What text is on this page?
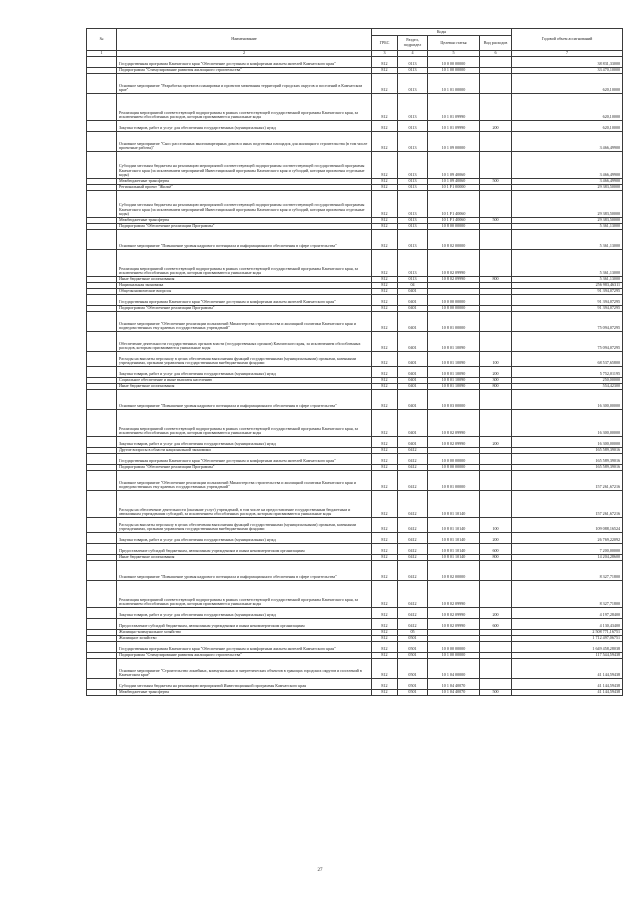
№	Наименование	Коды				Годовой объем ассигнований
		ГРБС	Раздел, подраздел	Целевая статья	Вид расходов	
1	2	3	4	5	6	7
	Государственная программа Камчатского края "Обеспечение доступным и комфортным жильем жителей Камчатского края"	812	0113	10 0 00 00000		38 831,33000
	Подпрограмма "Стимулирование развития жилищного строительства"	812	0113	10 1 00 00000		33 470,10000
	Основное мероприятие "Разработка проектов планировки и проектов межевания территорий городских округов и поселений в Камчатском крае"	812	0113	10 1 01 00000		620,10000
	Реализация мероприятий соответствующей подпрограммы в рамках соответствующей государственной программы Камчатского края, за исключением обособленных расходов, которым присваиваются уникальные коды	812	0113	10 1 01 09990		620,10000
	Закупка товаров, работ и услуг для обеспечения государственных (муниципальных) нужд	812	0113	10 1 01 09990	200	620,10000
	Основное мероприятие "Снос расселенных многоквартирных домов и иных подготовка площадок для жилищного строительства (в том числе проектные работы)"	812	0113	10 1 09 00000		3 466,49900
	Субсидии местным бюджетам на реализацию мероприятий соответствующей подпрограммы соответствующей государственной программы Камчатского края (за исключением мероприятий Инвестиционной программы Камчатского края и субсидий, которым присвоены отдельные коды)	812	0113	10 1 09 40060		3 466,49900
	Межбюджетные трансферты	812	0113	10 1 09 40060	500	3 466,49900
	Региональный проект "Жильё"	812	0113	10 1 F1 00000		29 383,50000
	Субсидии местным бюджетам на реализацию мероприятий соответствующей подпрограммы соответствующей государственной программы Камчатского края (за исключением мероприятий Инвестиционной программы Камчатского края и субсидий, которым присвоены отдельные коды)	812	0113	10 1 F1 40060		29 383,50000
	Межбюджетные трансферты	812	0113	10 1 F1 40060	500	29 383,50000
	Подпрограмма "Обеспечение реализации Программы"	812	0113	10 8 00 00000		5 361,13000
	Основное мероприятие "Повышение уровня кадрового потенциала и информационного обеспечения в сфере строительства"	812	0113	10 8 02 00000		5 361,13000
	Реализация мероприятий соответствующей подпрограммы в рамках соответствующей государственной программы Камчатского края, за исключением обособленных расходов, которым присваиваются уникальные коды	812	0113	10 8 02 09990		5 361,13000
	Иные бюджетные ассигнования	812	0113	10 8 02 09990	800	5 361,13000
	Национальная экономика	812	04			256 983,46311
	Общеэкономические вопросы	812	0401			91 394,07295
	Государственная программа Камчатского края "Обеспечение доступным и комфортным жильем жителей Камчатского края"	812	0401	10 0 00 00000		91 394,07295
	Подпрограмма "Обеспечение реализации Программы"	812	0401	10 8 00 00000		91 394,07295
	Основное мероприятие "Обеспечение реализации полномочий Министерства строительства и жилищной политики Камчатского края и подведомственных ему краевых государственных учреждений"	812	0401	10 8 01 00000		75 094,07295
	Обеспечение деятельности государственных органов власти (государственных органов) Камчатского края, за исключением обособленных расходов, которым присваиваются уникальные коды	812	0401	10 8 01 10090		75 094,07295
	Расходы на выплаты персоналу в целях обеспечения выполнения функций государственными (муниципальными) органами, казенными учреждениями, органами управления государственными внебюджетными фондами	812	0401	10 8 01 10090	100	68 537,65800
	Закупка товаров, работ и услуг для обеспечения государственных (муниципальных) нужд	812	0401	10 8 01 10090	200	5 752,01195
	Социальное обеспечение и иные выплаты населению	812	0401	10 8 01 10090	300	250,00000
	Иные бюджетные ассигнования	812	0401	10 8 01 10090	800	554,42300
	Основное мероприятие "Повышение уровня кадрового потенциала и информационного обеспечения в сфере строительства"	812	0401	10 8 03 00000		16 300,00000
	Реализация мероприятий соответствующей подпрограммы в рамках соответствующей государственной программы Камчатского края, за исключением обособленных расходов, которым присваиваются уникальные коды	812	0401	10 8 02 09990		16 300,00000
	Закупка товаров, работ и услуг для обеспечения государственных (муниципальных) нужд	812	0401	10 8 02 09990	200	16 300,00000
	Другие вопросы в области национальной экономики	812	0412			165 589,39016
	Государственная программа Камчатского края "Обеспечение доступным и комфортным жильем жителей Камчатского края"	812	0412	10 0 00 00000		165 589,39016
	Подпрограмма "Обеспечение реализации Программы"	812	0412	10 8 00 00000		165 589,39016
	Основное мероприятие "Обеспечение реализации полномочий Министерства строительства и жилищной политики Камчатского края и подведомственных ему краевых государственных учреждений"	812	0412	10 8 01 00000		157 261,67216
	Расходы на обеспечение деятельности (оказание услуг) учреждений, в том числе на предоставление государственным бюджетным и автономным учреждениям субсидий, за исключением обособленных расходов, которым присваиваются уникальные коды	812	0412	10 8 01 10140		157 261,67216
	Расходы на выплаты персоналу в целях обеспечения выполнения функций государственными (муниципальными) органами, казенными учреждениями, органами управления государственными внебюджетными фондами	812	0412	10 8 01 10140	100	109 088,16524
	Закупка товаров, работ и услуг для обеспечения государственных (муниципальных) нужд	812	0412	10 8 01 10140	200	26 769,22092
	Предоставление субсидий бюджетным, автономным учреждениям и иным некоммерческим организациям	812	0412	10 8 01 10140	600	7 200,00000
	Иные бюджетные ассигнования	812	0412	10 8 01 10140	800	14 204,28600
	Основное мероприятие "Повышение уровня кадрового потенциала и информационного обеспечения в сфере строительства"	812	0412	10 8 02 00000		8 327,71800
	Реализация мероприятий соответствующей подпрограммы в рамках соответствующей государственной программы Камчатского края, за исключением обособленных расходов, которым присваиваются уникальные коды	812	0412	10 8 02 09990		8 327,71800
	Закупка товаров, работ и услуг для обеспечения государственных (муниципальных) нужд	812	0412	10 8 02 09990	200	4 197,28400
	Предоставление субсидий бюджетным, автономным учреждениям и иным некоммерческим организациям	812	0412	10 8 02 09990	600	4 130,43400
	Жилищно-коммунальное хозяйство	812	05			2 508 771,16751
	Жилищное хозяйство	812	0501			1 712 497,06751
	Государственная программа Камчатского края "Обеспечение доступным и комфортным жильем жителей Камчатского края"	812	0501	10 0 00 00000		1 649 458,28038
	Подпрограмма "Стимулирование развития жилищного строительства"	812	0501	10 1 00 00000		117 544,59438
	Основное мероприятие "Строительство линейных, коммунальных и энергетических объектов в границах городских округов и поселений в Камчатском крае"	812	0501	10 1 04 00000		41 144,59438
	Субсидии местным бюджетам на реализацию мероприятий Инвестиционной программы Камчатского края	812	0501	10 1 04 40070		41 144,59438
	Межбюджетные трансферты	812	0501	10 1 04 40070	500	41 144,59438
27
